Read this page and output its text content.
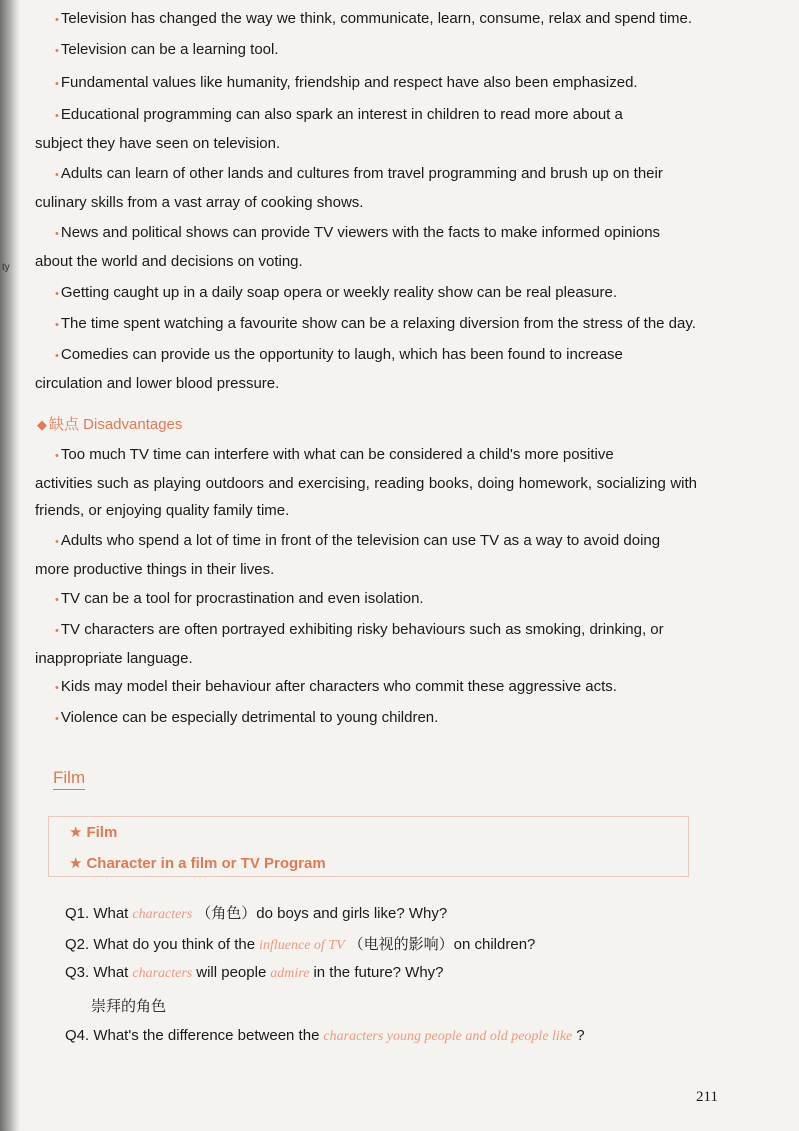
ty
• Television has changed the way we think, communicate, learn, consume, relax and spend time.
• Television can be a learning tool.
• Fundamental values like humanity, friendship and respect have also been emphasized.
• Educational programming can also spark an interest in children to read more about a
subject they have seen on television.
• Adults can learn of other lands and cultures from travel programming and brush up on their
culinary skills from a vast array of cooking shows.
• News and political shows can provide TV viewers with the facts to make informed opinions
about the world and decisions on voting.
• Getting caught up in a daily soap opera or weekly reality show can be real pleasure.
• The time spent watching a favourite show can be a relaxing diversion from the stress of the day.
• Comedies can provide us the opportunity to laugh, which has been found to increase
circulation and lower blood pressure.
◆ 缺点 Disadvantages
• Too much TV time can interfere with what can be considered a child's more positive
activities such as playing outdoors and exercising, reading books, doing homework, socializing with friends, or enjoying quality family time.
• Adults who spend a lot of time in front of the television can use TV as a way to avoid doing
more productive things in their lives.
• TV can be a tool for procrastination and even isolation.
• TV characters are often portrayed exhibiting risky behaviours such as smoking, drinking, or
inappropriate language.
• Kids may model their behaviour after characters who commit these aggressive acts.
• Violence can be especially detrimental to young children.
Film
★ Film
★ Character in a film or TV Program
Q1. What characters （角色）do boys and girls like? Why?
Q2. What do you think of the influence of TV （电视的影响）on children?
Q3. What characters will people admire in the future? Why?
崇拜的角色
Q4. What's the difference between the characters young people and old people like ?
211
